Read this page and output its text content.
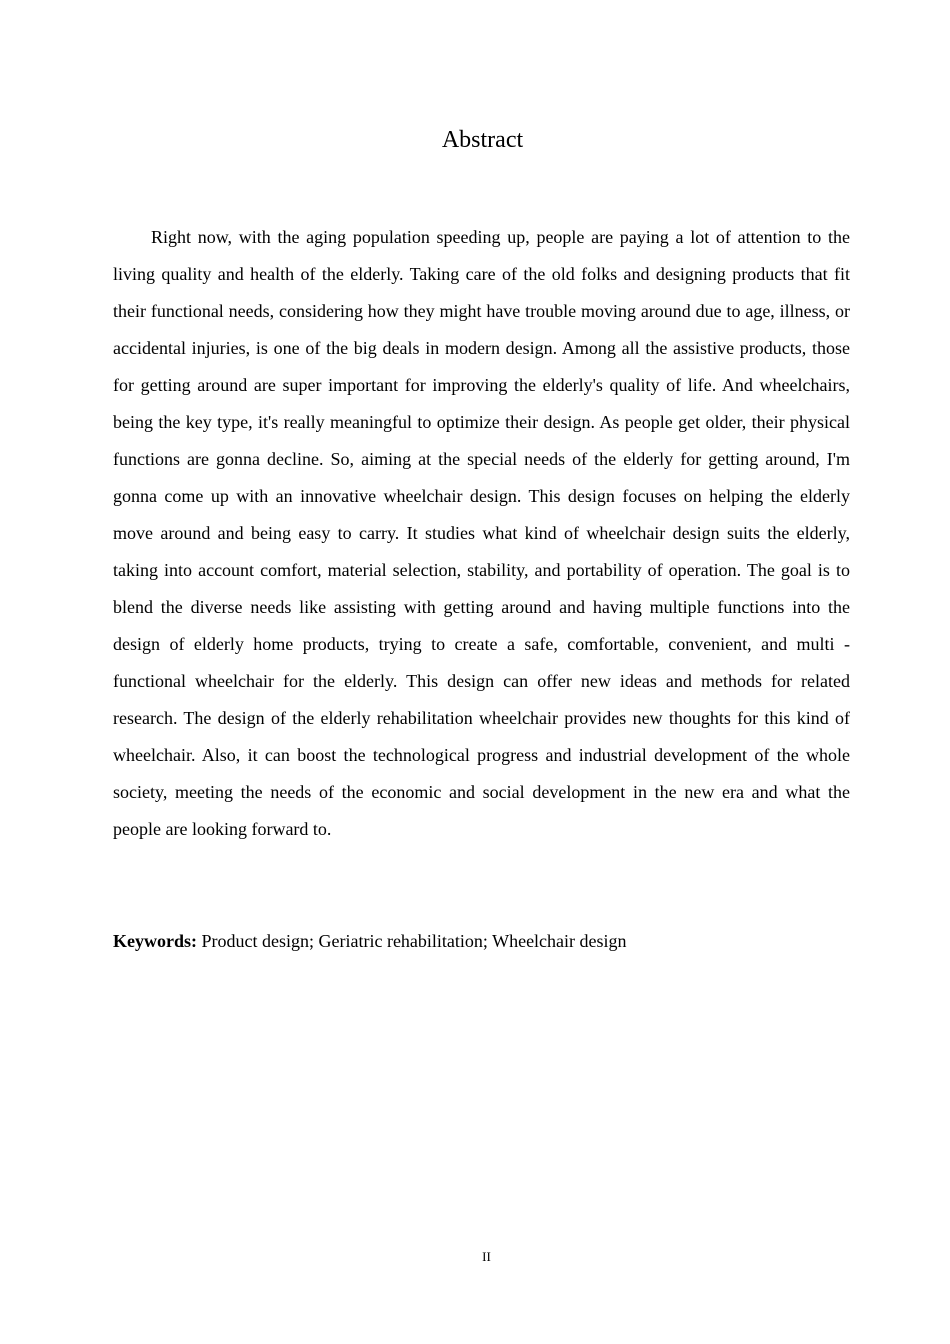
Abstract

Right now, with the aging population speeding up, people are paying a lot of attention to the living quality and health of the elderly. Taking care of the old folks and designing products that fit their functional needs, considering how they might have trouble moving around due to age, illness, or accidental injuries, is one of the big deals in modern design. Among all the assistive products, those for getting around are super important for improving the elderly's quality of life. And wheelchairs, being the key type, it's really meaningful to optimize their design. As people get older, their physical functions are gonna decline. So, aiming at the special needs of the elderly for getting around, I'm gonna come up with an innovative wheelchair design. This design focuses on helping the elderly move around and being easy to carry. It studies what kind of wheelchair design suits the elderly, taking into account comfort, material selection, stability, and portability of operation. The goal is to blend the diverse needs like assisting with getting around and having multiple functions into the design of elderly home products, trying to create a safe, comfortable, convenient, and multi - functional wheelchair for the elderly. This design can offer new ideas and methods for related research. The design of the elderly rehabilitation wheelchair provides new thoughts for this kind of wheelchair. Also, it can boost the technological progress and industrial development of the whole society, meeting the needs of the economic and social development in the new era and what the people are looking forward to.

Keywords: Product design; Geriatric rehabilitation; Wheelchair design

II
